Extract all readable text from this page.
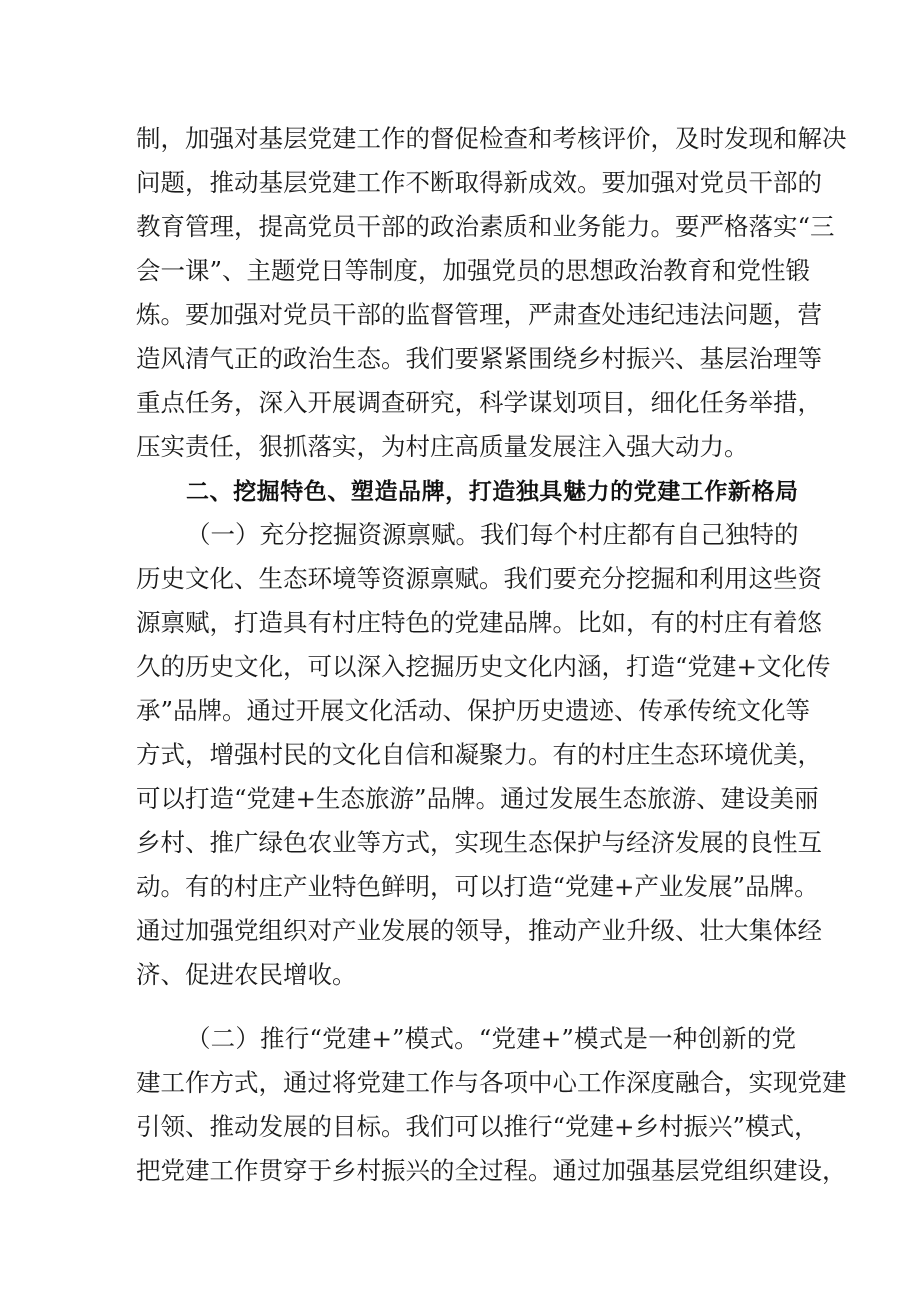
制，加强对基层党建工作的督促检查和考核评价，及时发现和解决
问题，推动基层党建工作不断取得新成效。要加强对党员干部的
教育管理，提高党员干部的政治素质和业务能力。要严格落实“三
会一课”、主题党日等制度，加强党员的思想政治教育和党性锻
炼。要加强对党员干部的监督管理，严肃查处违纪违法问题，营
造风清气正的政治生态。我们要紧紧围绕乡村振兴、基层治理等
重点任务，深入开展调查研究，科学谋划项目，细化任务举措，
压实责任，狠抓落实，为村庄高质量发展注入强大动力。
二、挖掘特色、塑造品牌，打造独具魅力的党建工作新格局
（一）充分挖掘资源禀赋。我们每个村庄都有自己独特的
历史文化、生态环境等资源禀赋。我们要充分挖掘和利用这些资
源禀赋，打造具有村庄特色的党建品牌。比如，有的村庄有着悠
久的历史文化，可以深入挖掘历史文化内涵，打造“党建+文化传
承”品牌。通过开展文化活动、保护历史遗迹、传承传统文化等
方式，增强村民的文化自信和凝聚力。有的村庄生态环境优美，
可以打造“党建+生态旅游”品牌。通过发展生态旅游、建设美丽
乡村、推广绿色农业等方式，实现生态保护与经济发展的良性互
动。有的村庄产业特色鲜明，可以打造“党建+产业发展”品牌。
通过加强党组织对产业发展的领导，推动产业升级、壮大集体经
济、促进农民增收。
（二）推行“党建+”模式。“党建+”模式是一种创新的党
建工作方式，通过将党建工作与各项中心工作深度融合，实现党建
引领、推动发展的目标。我们可以推行“党建+乡村振兴”模式，
把党建工作贯穿于乡村振兴的全过程。通过加强基层党组织建设，
